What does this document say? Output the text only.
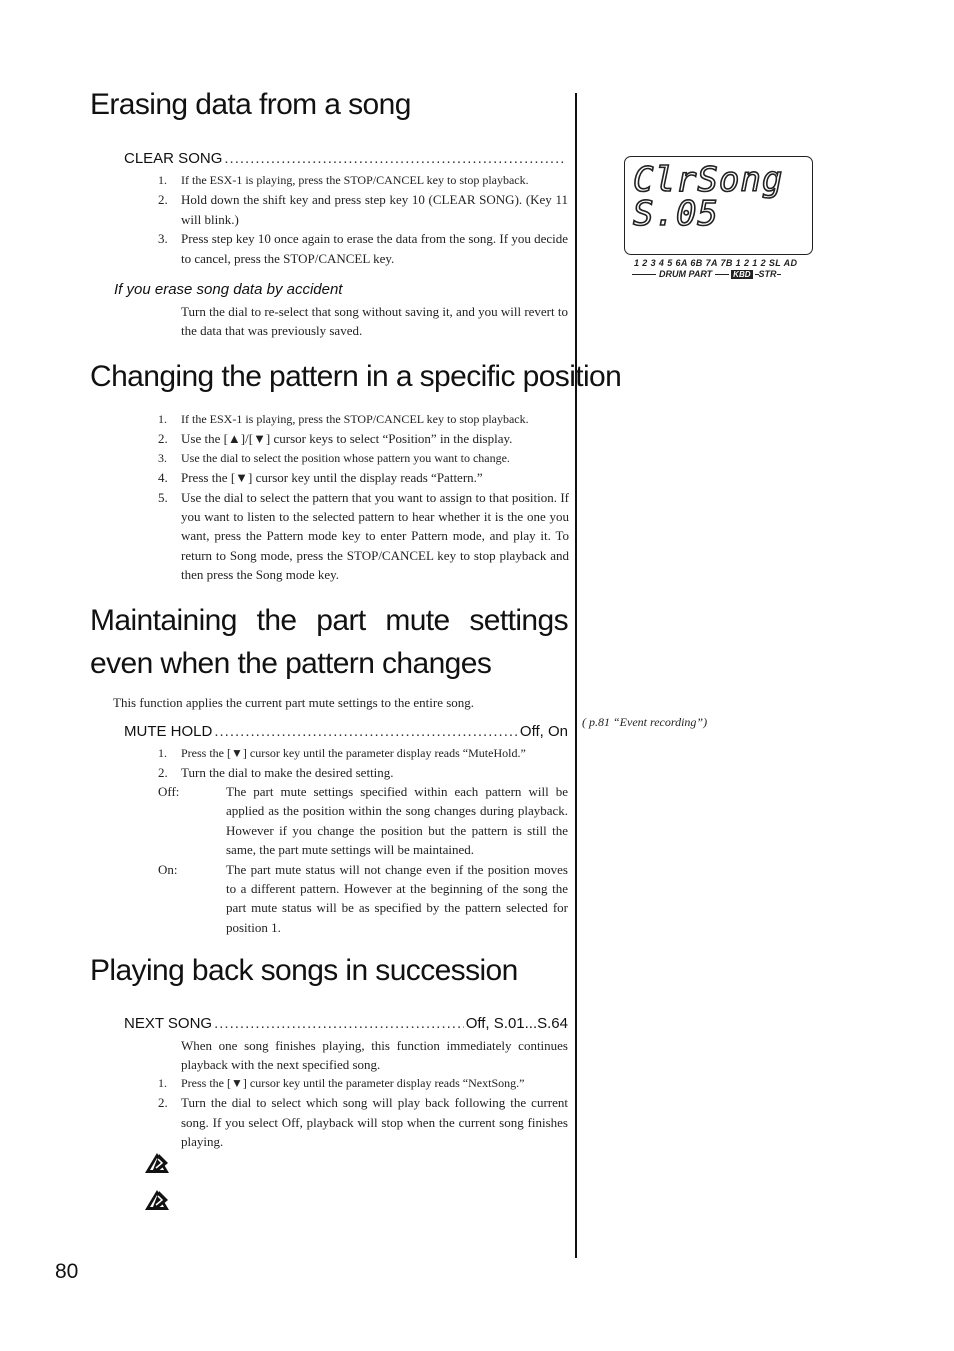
Erasing data from a song
CLEAR SONG
.....
1. If the ESX-1 is playing, press the STOP/CANCEL key to stop playback.
2. Hold down the shift key and press step key 10 (CLEAR SONG). (Key 11 will blink.)
3. Press step key 10 once again to erase the data from the song. If you decide to cancel, press the STOP/CANCEL key.
If you erase song data by accident
Turn the dial to re-select that song without saving it, and you will revert to the data that was previously saved.
Changing the pattern in a specific position
1. If the ESX-1 is playing, press the STOP/CANCEL key to stop playback.
2. Use the [▲]/[▼] cursor keys to select “Position” in the display.
3. Use the dial to select the position whose pattern you want to change.
4. Press the [▼] cursor key until the display reads “Pattern.”
5. Use the dial to select the pattern that you want to assign to that position. If you want to listen to the selected pattern to hear whether it is the one you want, press the Pattern mode key to enter Pattern mode, and play it. To return to Song mode, press the STOP/CANCEL key to stop playback and then press the Song mode key.
Maintaining the part mute settings even when the pattern changes
This function applies the current part mute settings to the entire song.
MUTE HOLD .....	Off, On
1. Press the [▼] cursor key until the parameter display reads “MuteHold.”
2. Turn the dial to make the desired setting.
Off:	The part mute settings specified within each pattern will be applied as the position within the song changes during playback. However if you change the position but the pattern is still the same, the part mute settings will be maintained.
On:	The part mute status will not change even if the position moves to a different pattern. However at the beginning of the song the part mute status will be as specified by the pattern selected for position 1.
Playing back songs in succession
NEXT SONG .....	Off, S.01...S.64
When one song finishes playing, this function immediately continues playback with the next specified song.
1. Press the [▼] cursor key until the parameter display reads “NextSong.”
2. Turn the dial to select which song will play back following the current song. If you select Off, playback will stop when the current song finishes playing.
ClrSong
S.05
1 2 3 4 5 6A 6B 7A 7B 1 2 1 2 SL AD
DRUM PART	KBD STR
( p.81 “Event recording”)
80
